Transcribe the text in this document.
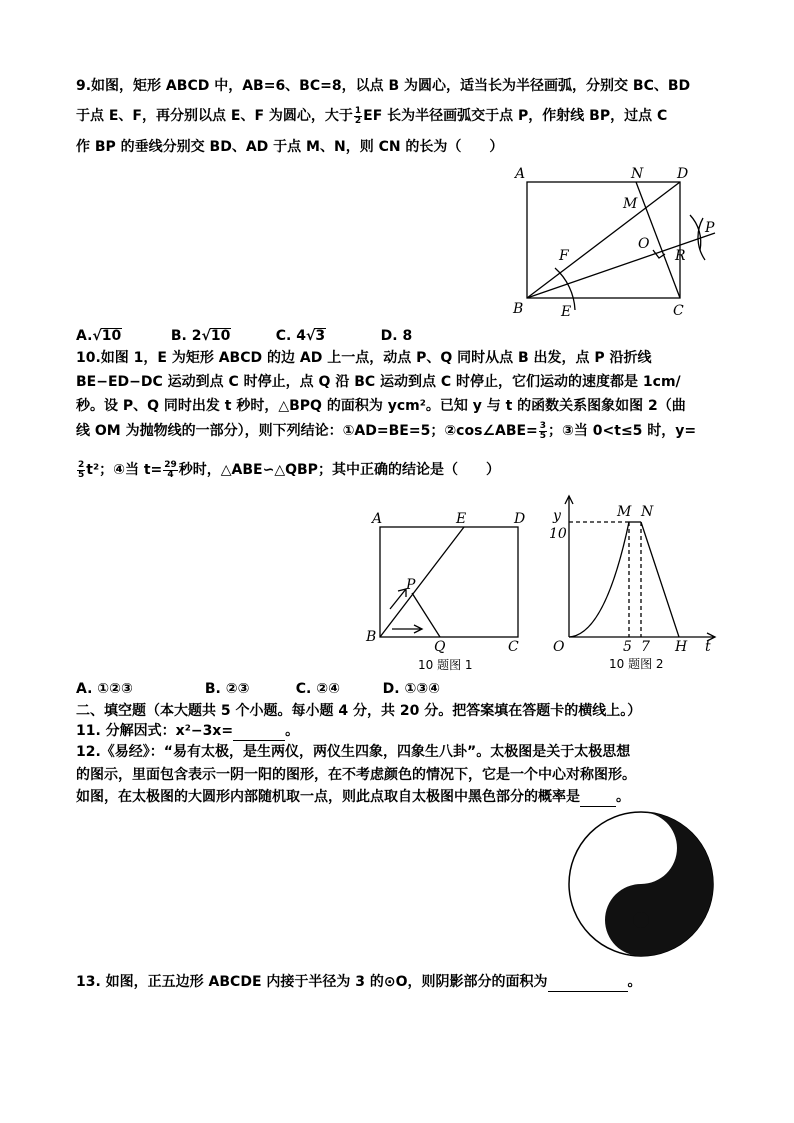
9.如图，矩形 ABCD 中，AB=6、BC=8，以点 B 为圆心，适当长为半径画弧，分别交 BC、BD
于点 E、F，再分别以点 E、F 为圆心，大于 $\frac{1}{2}$ EF 长为半径画弧交于点 P，作射线 BP，过点 C
作 BP 的垂线分别交 BD、AD 于点 M、N，则 CN 的长为（　　）
A	N D
M
O
P
R
F
B	E	C
A.√10	B. 2√10	C. 4√3	D. 8
10.如图 1，E 为矩形 ABCD 的边 AD 上一点，动点 P、Q 同时从点 B 出发，点 P 沿折线
BE−ED−DC 运动到点 C 时停止，点 Q 沿 BC 运动到点 C 时停止，它们运动的速度都是 1cm/
秒。设 P、Q 同时出发 t 秒时，△BPQ 的面积为 ycm²。已知 y 与 t 的函数关系图象如图 2（曲
线 OM 为抛物线的一部分），则下列结论：①AD=BE=5；②cos∠ABE= $\frac{3}{5}$ ；③当 0<t≤5 时，y=
$\frac{2}{5} t^2$；④当 $t= \frac{29}{4}$ 秒时，△ABE∽△QBP；其中正确的结论是（　　）
A	E	D
P
B
Q	C
10 题图 1
y	M N
10
O	5 7 H t
10 题图 2
A. ①②③	B. ②③	C. ②④	D. ①③④
二、填空题（本大题共 5 个小题。每小题 4 分，共 20 分。把答案填在答题卡的横线上。）
11. 分解因式：x²−3x=	。
12.《易经》：“易有太极，是生两仪，两仪生四象，四象生八卦”。太极图是关于太极思想
的图示，里面包含表示一阴一阳的图形，在不考虑颜色的情况下，它是一个中心对称图形。
如图，在太极图的大圆形内部随机取一点，则此点取自太极图中黑色部分的概率是	。
13. 如图，正五边形 ABCDE 内接于半径为 3 的⊙O，则阴影部分的面积为	。
